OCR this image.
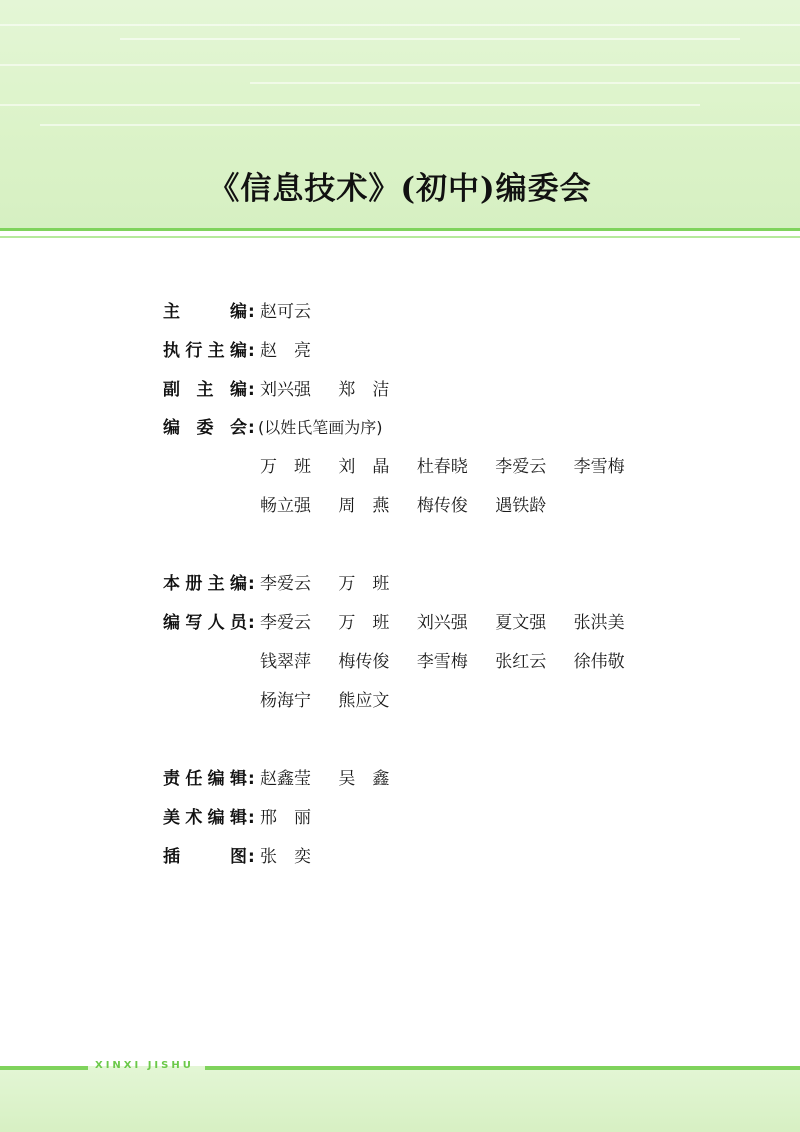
《信息技术》(初中)编委会
主编 : 赵可云
执行主编 : 赵　亮
副主编 : 刘兴强 郑　洁
编委会 : (以姓氏笔画为序)
万　班 刘　晶 杜春晓 李爱云 李雪梅
畅立强 周　燕 梅传俊 遇铁龄
本册主编 : 李爱云 万　班
编写人员 : 李爱云 万　班 刘兴强 夏文强 张洪美
钱翠萍 梅传俊 李雪梅 张红云 徐伟敬
杨海宁 熊应文
责任编辑 : 赵鑫莹 吴　鑫
美术编辑 : 邢　丽
插图 : 张　奕
XINXI JISHU
